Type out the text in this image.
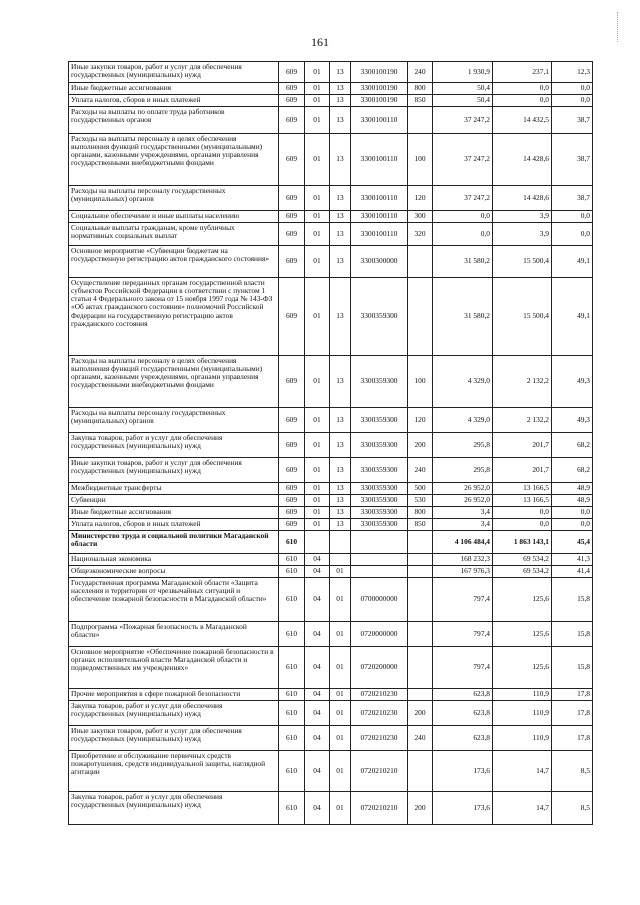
161
Иные закупки товаров, работ и услуг для обеспечения государственных (муниципальных) нужд	609	01	13	3300100190	240	1 930,9	237,1	12,3
Иные бюджетные ассигнования	609	01	13	3300100190	800	50,4	0,0	0,0
Уплата налогов, сборов и иных платежей	609	01	13	3300100190	850	50,4	0,0	0,0
Расходы на выплаты по оплате труда работников государственных органов	609	01	13	3300100110		37 247,2	14 432,5	38,7
Расходы на выплаты персоналу в целях обеспечения выполнения функций государственными (муниципальными) органами, казенными учреждениями, органами управления государственными внебюджетными фондами	609	01	13	3300100110	100	37 247,2	14 428,6	38,7
Расходы на выплаты персоналу государственных (муниципальных) органов	609	01	13	3300100110	120	37 247,2	14 428,6	38,7
Социальное обеспечение и иные выплаты населению	609	01	13	3300100110	300	0,0	3,9	0,0
Социальные выплаты гражданам, кроме публичных нормативных социальных выплат	609	01	13	3300100110	320	0,0	3,9	0,0
Основное мероприятие «Субвенции бюджетам на государственную регистрацию актов гражданского состояния»	609	01	13	3300300000		31 580,2	15 500,4	49,1
Осуществление переданных органам государственной власти субъектов Российской Федерации в соответствии с пунктом 1 статьи 4 Федерального закона от 15 ноября 1997 года № 143-ФЗ «Об актах гражданского состояния» полномочий Российской Федерации на государственную регистрацию актов гражданского состояния	609	01	13	3300359300		31 580,2	15 500,4	49,1
Расходы на выплаты персоналу в целях обеспечения выполнения функций государственными (муниципальными) органами, казенными учреждениями, органами управления государственными внебюджетными фондами	609	01	13	3300359300	100	4 329,0	2 132,2	49,3
Расходы на выплаты персоналу государственных (муниципальных) органов	609	01	13	3300359300	120	4 329,0	2 132,2	49,3
Закупка товаров, работ и услуг для обеспечения государственных (муниципальных) нужд	609	01	13	3300359300	200	295,8	201,7	68,2
Иные закупки товаров, работ и услуг для обеспечения государственных (муниципальных) нужд	609	01	13	3300359300	240	295,8	201,7	68,2
Межбюджетные трансферты	609	01	13	3300359300	500	26 952,0	13 166,5	48,9
Субвенции	609	01	13	3300359300	530	26 952,0	13 166,5	48,9
Иные бюджетные ассигнования	609	01	13	3300359300	800	3,4	0,0	0,0
Уплата налогов, сборов и иных платежей	609	01	13	3300359300	850	3,4	0,0	0,0
Министерство труда и социальной политики Магаданской области	610					4 106 484,4	1 863 143,1	45,4
Национальная экономика	610	04				168 232,3	69 534,2	41,3
Общеэкономические вопросы	610	04	01			167 976,3	69 534,2	41,4
Государственная программа Магаданской области «Защита населения и территории от чрезвычайных ситуаций и обеспечение пожарной безопасности в Магаданской области»	610	04	01	0700000000		797,4	125,6	15,8
Подпрограмма «Пожарная безопасность в Магаданской области»	610	04	01	0720000000		797,4	125,6	15,8
Основное мероприятие «Обеспечение пожарной безопасности в органах исполнительной власти Магаданской области и подведомственных им учреждениях»	610	04	01	0720200000		797,4	125,6	15,8
Прочие мероприятия в сфере пожарной безопасности	610	04	01	0720210230		623,8	110,9	17,8
Закупка товаров, работ и услуг для обеспечения государственных (муниципальных) нужд	610	04	01	0720210230	200	623,8	110,9	17,8
Иные закупки товаров, работ и услуг для обеспечения государственных (муниципальных) нужд	610	04	01	0720210230	240	623,8	110,9	17,8
Приобретение и обслуживание первичных средств пожаротушения, средств индивидуальной защиты, наглядной агитации	610	04	01	0720210210		173,6	14,7	8,5
Закупка товаров, работ и услуг для обеспечения государственных (муниципальных) нужд	610	04	01	0720210210	200	173,6	14,7	8,5
